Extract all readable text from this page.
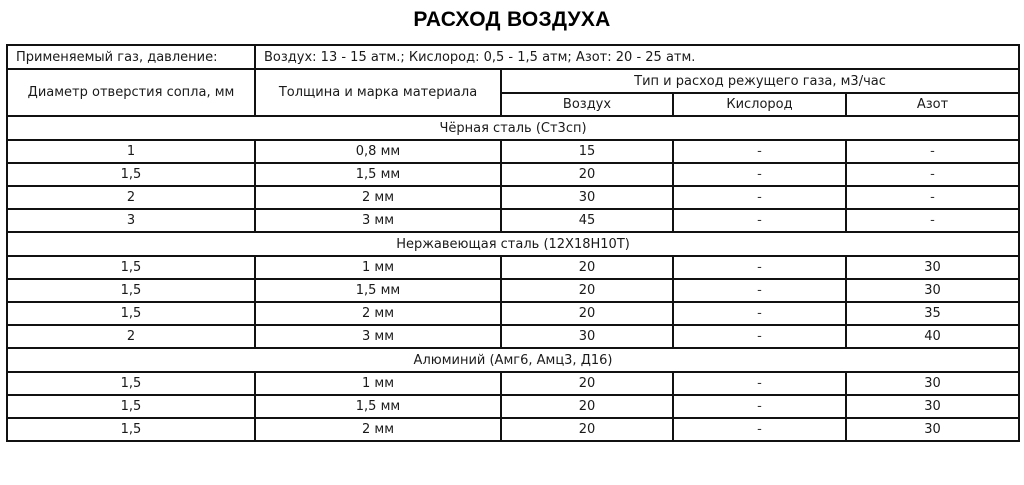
РАСХОД ВОЗДУХА
Применяемый газ, давление:	Воздух: 13 - 15 атм.; Кислород: 0,5 - 1,5 атм; Азот: 20 - 25 атм.			
Диаметр отверстия сопла, мм	Толщина и марка материала	Тип и расход режущего газа, м3/час		
		Воздух	Кислород	Азот
Чёрная сталь (Ст3сп)				
1	0,8 мм	15	-	-
1,5	1,5 мм	20	-	-
2	2 мм	30	-	-
3	3 мм	45	-	-
Нержавеющая сталь (12Х18Н10Т)				
1,5	1 мм	20	-	30
1,5	1,5 мм	20	-	30
1,5	2 мм	20	-	35
2	3 мм	30	-	40
Алюминий (Амг6, Амц3, Д16)				
1,5	1 мм	20	-	30
1,5	1,5 мм	20	-	30
1,5	2 мм	20	-	30
